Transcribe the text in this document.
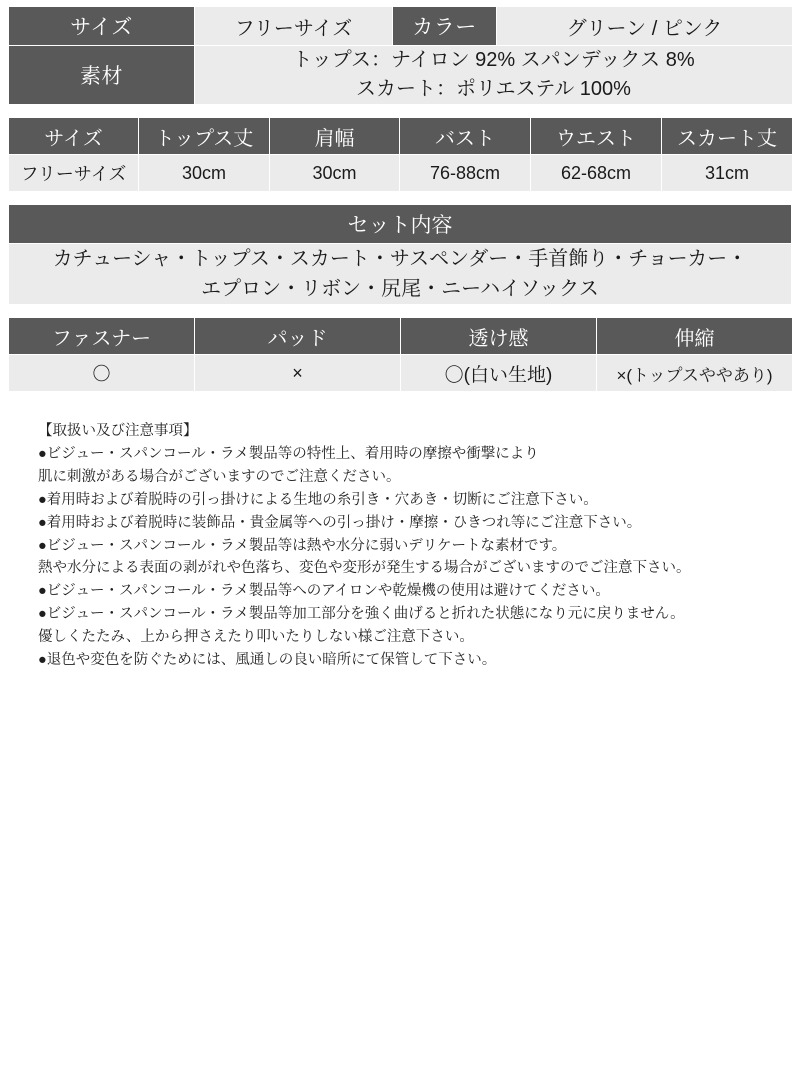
サイズ	フリーサイズ	カラー	グリーン / ピンク
素材	トップス：ナイロン 92% スパンデックス 8%
スカート：ポリエステル 100%		
サイズ	トップス丈	肩幅	バスト	ウエスト	スカート丈
フリーサイズ	30cm	30cm	76-88cm	62-68cm	31cm
セット内容

カチューシャ・トップス・スカート・サスペンダー・手首飾り・チョーカー・
エプロン・リボン・尻尾・ニーハイソックス
ファスナー	パッド	透け感	伸縮
〇	×	〇(白い生地)	×(トップスややあり)
【取扱い及び注意事項】
●ビジュー・スパンコール・ラメ製品等の特性上、着用時の摩擦や衝撃により
肌に刺激がある場合がございますのでご注意ください。
●着用時および着脱時の引っ掛けによる生地の糸引き・穴あき・切断にご注意下さい。
●着用時および着脱時に装飾品・貴金属等への引っ掛け・摩擦・ひきつれ等にご注意下さい。
●ビジュー・スパンコール・ラメ製品等は熱や水分に弱いデリケートな素材です。
熱や水分による表面の剥がれや色落ち、変色や変形が発生する場合がございますのでご注意下さい。
●ビジュー・スパンコール・ラメ製品等へのアイロンや乾燥機の使用は避けてください。
●ビジュー・スパンコール・ラメ製品等加工部分を強く曲げると折れた状態になり元に戻りません。
優しくたたみ、上から押さえたり叩いたりしない様ご注意下さい。
●退色や変色を防ぐためには、風通しの良い暗所にて保管して下さい。
